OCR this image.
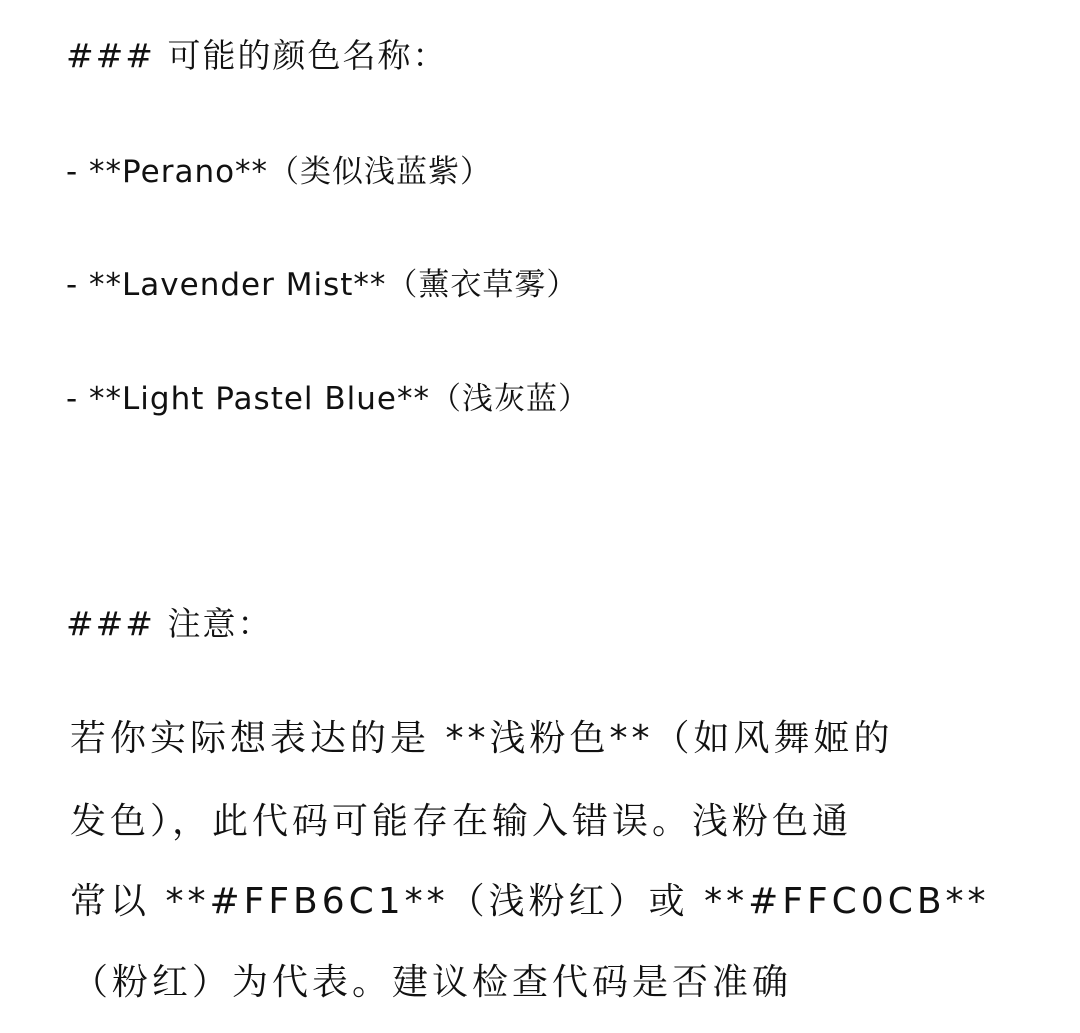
### 可能的颜色名称：
- **Perano**（类似浅蓝紫）
- **Lavender Mist**（薰衣草雾）
- **Light Pastel Blue**（浅灰蓝）
### 注意：
若你实际想表达的是 **浅粉色**（如风舞姬的
发色），此代码可能存在输入错误。浅粉色通
常以 **#FFB6C1**（浅粉红）或 **#FFC0CB**
（粉红）为代表。建议检查代码是否准确
